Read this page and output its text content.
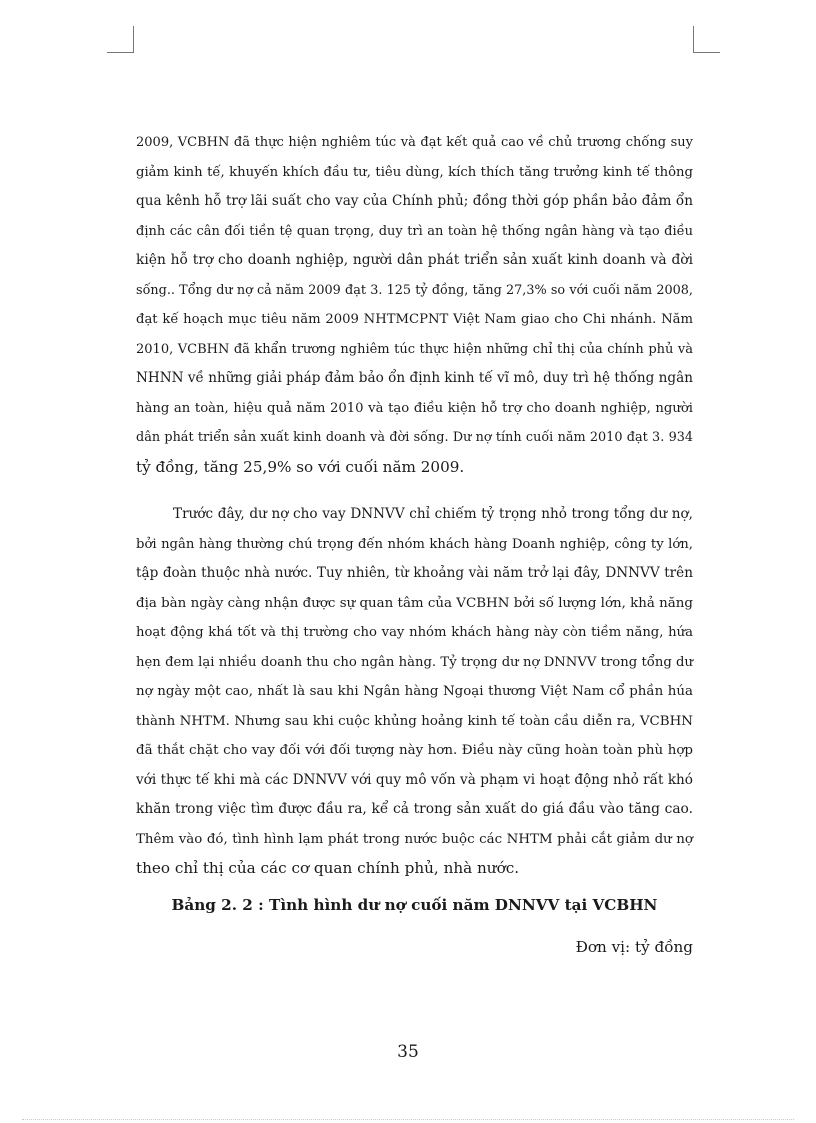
2009, VCBHN đã thực hiện nghiêm túc và đạt kết quả cao về chủ trương chống suy
giảm kinh tế, khuyến khích đầu tư, tiêu dùng, kích thích tăng trưởng kinh tế thông
qua kênh hỗ trợ lãi suất cho vay của Chính phủ; đồng thời góp phần bảo đảm ổn
định các cân đối tiền tệ quan trọng, duy trì an toàn hệ thống ngân hàng và tạo điều
kiện hỗ trợ cho doanh nghiệp, người dân phát triển sản xuất kinh doanh và đời
sống.. Tổng dư nợ cả năm 2009 đạt 3. 125 tỷ đồng, tăng 27,3% so với cuối năm 2008,
đạt kế hoạch mục tiêu năm 2009 NHTMCPNT Việt Nam giao cho Chi nhánh. Năm
2010, VCBHN đã khẩn trương nghiêm túc thực hiện những chỉ thị của chính phủ và
NHNN về những giải pháp đảm bảo ổn định kinh tế vĩ mô, duy trì hệ thống ngân
hàng an toàn, hiệu quả năm 2010 và tạo điều kiện hỗ trợ cho doanh nghiệp, người
dân phát triển sản xuất kinh doanh và đời sống. Dư nợ tính cuối năm 2010 đạt 3. 934
tỷ đồng, tăng 25,9% so với cuối năm 2009.
Trước đây, dư nợ cho vay DNNVV chỉ chiếm tỷ trọng nhỏ trong tổng dư nợ,
bởi ngân hàng thường chú trọng đến nhóm khách hàng Doanh nghiệp, công ty lớn,
tập đoàn thuộc nhà nước. Tuy nhiên, từ khoảng vài năm trở lại đây, DNNVV trên
địa bàn ngày càng nhận được sự quan tâm của VCBHN bởi số lượng lớn, khả năng
hoạt động khá tốt và thị trường cho vay nhóm khách hàng này còn tiềm năng, hứa
hẹn đem lại nhiều doanh thu cho ngân hàng. Tỷ trọng dư nợ DNNVV trong tổng dư
nợ ngày một cao, nhất là sau khi Ngân hàng Ngoại thương Việt Nam cổ phần húa
thành NHTM. Nhưng sau khi cuộc khủng hoảng kinh tế toàn cầu diễn ra, VCBHN
đã thắt chặt cho vay đối với đối tượng này hơn. Điều này cũng hoàn toàn phù hợp
với thực tế khi mà các DNNVV với quy mô vốn và phạm vi hoạt động nhỏ rất khó
khăn trong việc tìm được đầu ra, kể cả trong sản xuất do giá đầu vào tăng cao.
Thêm vào đó, tình hình lạm phát trong nước buộc các NHTM phải cắt giảm dư nợ
theo chỉ thị của các cơ quan chính phủ, nhà nước.
Bảng 2. 2 : Tình hình dư nợ cuối năm DNNVV tại VCBHN
Đơn vị: tỷ đồng
35
